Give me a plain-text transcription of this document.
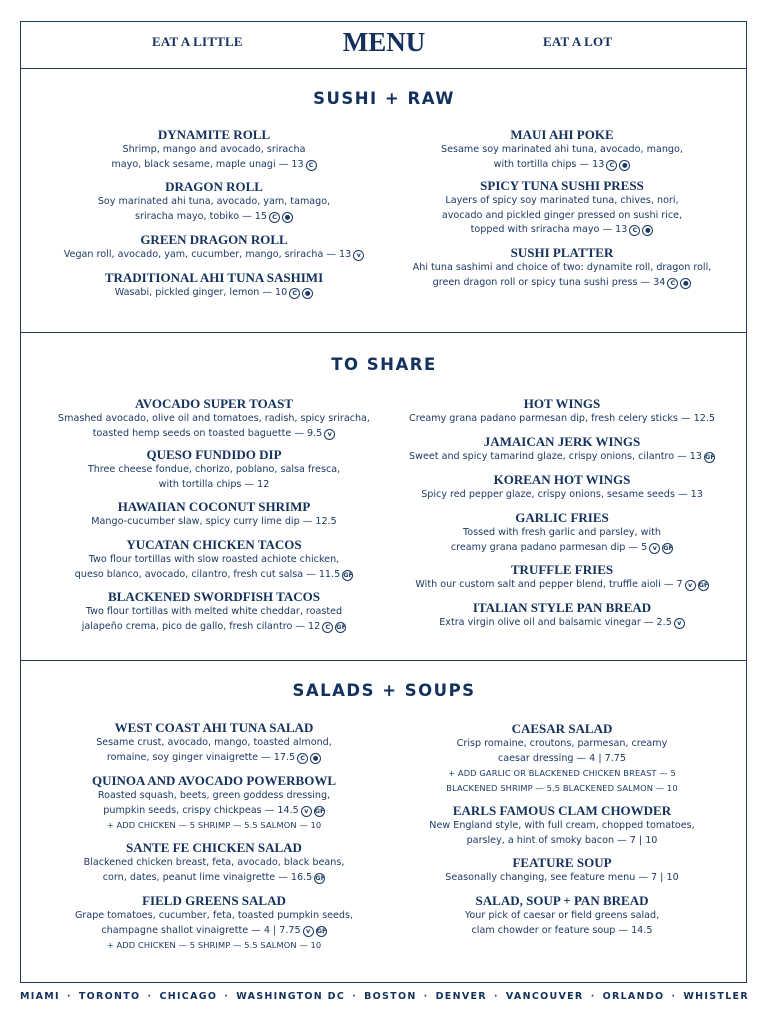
EAT A LITTLE	MENU	EAT A LOT
SUSHI + RAW
DYNAMITE ROLL
Shrimp, mango and avocado, sriracha
mayo, black sesame, maple unagi — 13 C
DRAGON ROLL
Soy marinated ahi tuna, avocado, yam, tamago,
sriracha mayo, tobiko — 15 C ●
GREEN DRAGON ROLL
Vegan roll, avocado, yam, cucumber, mango, sriracha — 13 v
TRADITIONAL AHI TUNA SASHIMI
Wasabi, pickled ginger, lemon — 10 C ●
MAUI AHI POKE
Sesame soy marinated ahi tuna, avocado, mango,
with tortilla chips — 13 C ●
SPICY TUNA SUSHI PRESS
Layers of spicy soy marinated tuna, chives, nori,
avocado and pickled ginger pressed on sushi rice,
topped with sriracha mayo — 13 C ●
SUSHI PLATTER
Ahi tuna sashimi and choice of two: dynamite roll, dragon roll,
green dragon roll or spicy tuna sushi press — 34 C ●
TO SHARE
AVOCADO SUPER TOAST
Smashed avocado, olive oil and tomatoes, radish, spicy sriracha,
toasted hemp seeds on toasted baguette — 9.5 v
QUESO FUNDIDO DIP
Three cheese fondue, chorizo, poblano, salsa fresca,
with tortilla chips — 12
HAWAIIAN COCONUT SHRIMP
Mango-cucumber slaw, spicy curry lime dip — 12.5
YUCATAN CHICKEN TACOS
Two flour tortillas with slow roasted achiote chicken,
queso blanco, avocado, cilantro, fresh cut salsa — 11.5 GF
BLACKENED SWORDFISH TACOS
Two flour tortillas with melted white cheddar, roasted
jalapeño crema, pico de gallo, fresh cilantro — 12 C GF
HOT WINGS
Creamy grana padano parmesan dip, fresh celery sticks — 12.5
JAMAICAN JERK WINGS
Sweet and spicy tamarind glaze, crispy onions, cilantro — 13 GF
KOREAN HOT WINGS
Spicy red pepper glaze, crispy onions, sesame seeds — 13
GARLIC FRIES
Tossed with fresh garlic and parsley, with
creamy grana padano parmesan dip — 5 v GF
TRUFFLE FRIES
With our custom salt and pepper blend, truffle aioli — 7 v GF
ITALIAN STYLE PAN BREAD
Extra virgin olive oil and balsamic vinegar — 2.5 v
SALADS + SOUPS
WEST COAST AHI TUNA SALAD
Sesame crust, avocado, mango, toasted almond,
romaine, soy ginger vinaigrette — 17.5 C ●
QUINOA AND AVOCADO POWERBOWL
Roasted squash, beets, green goddess dressing,
pumpkin seeds, crispy chickpeas — 14.5 v GF
+ ADD CHICKEN — 5 SHRIMP — 5.5 SALMON — 10
SANTE FE CHICKEN SALAD
Blackened chicken breast, feta, avocado, black beans,
corn, dates, peanut lime vinaigrette — 16.5 GF
FIELD GREENS SALAD
Grape tomatoes, cucumber, feta, toasted pumpkin seeds,
champagne shallot vinaigrette — 4 | 7.75 v GF
+ ADD CHICKEN — 5 SHRIMP — 5.5 SALMON — 10
CAESAR SALAD
Crisp romaine, croutons, parmesan, creamy
caesar dressing — 4 | 7.75
+ ADD GARLIC OR BLACKENED CHICKEN BREAST — 5
BLACKENED SHRIMP — 5.5 BLACKENED SALMON — 10
EARLS FAMOUS CLAM CHOWDER
New England style, with full cream, chopped tomatoes,
parsley, a hint of smoky bacon — 7 | 10
FEATURE SOUP
Seasonally changing, see feature menu — 7 | 10
SALAD, SOUP + PAN BREAD
Your pick of caesar or field greens salad,
clam chowder or feature soup — 14.5
MIAMI · TORONTO · CHICAGO · WASHINGTON DC · BOSTON · DENVER · VANCOUVER · ORLANDO · WHISTLER
